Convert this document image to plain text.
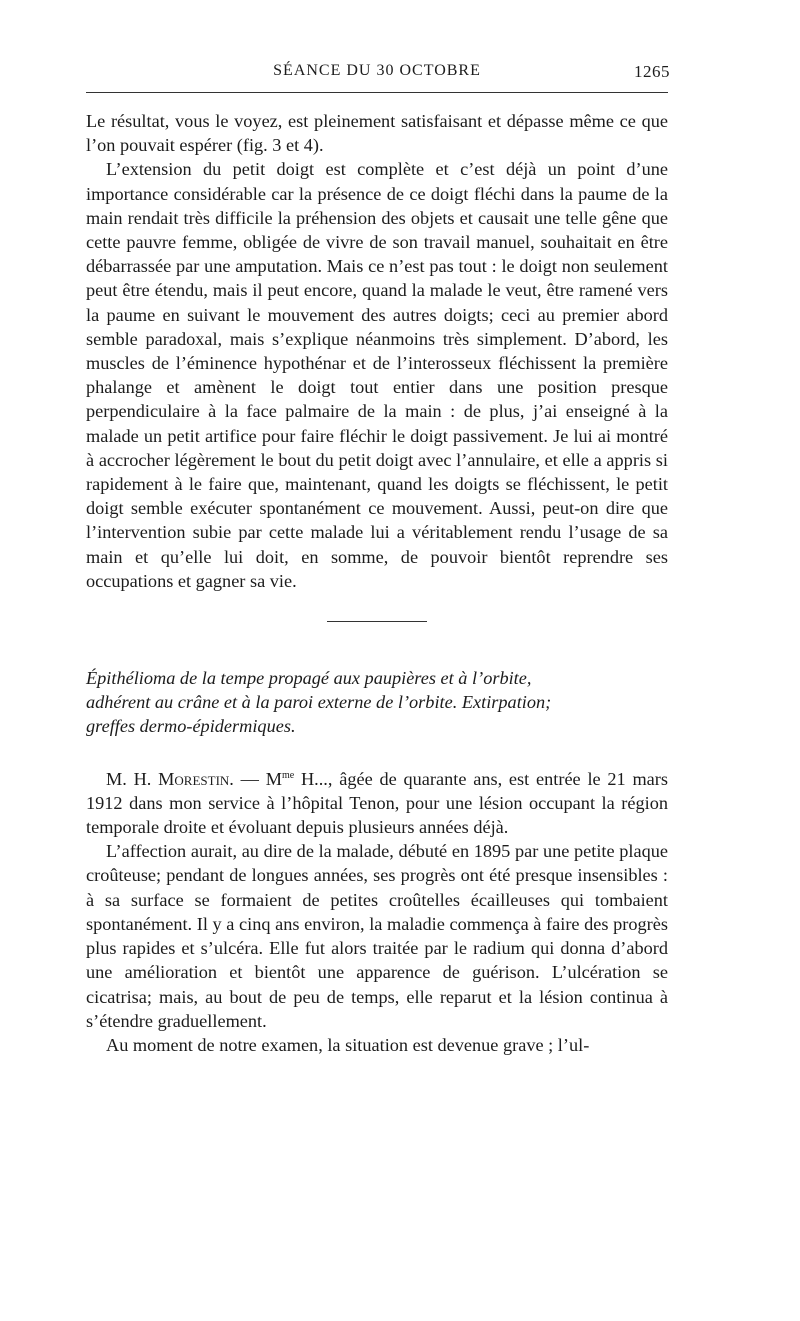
SÉANCE DU 30 OCTOBRE	1265

Le résultat, vous le voyez, est pleinement satisfaisant et dépasse même ce que l’on pouvait espérer (fig. 3 et 4).

L’extension du petit doigt est complète et c’est déjà un point d’une importance considérable car la présence de ce doigt fléchi dans la paume de la main rendait très difficile la préhension des objets et causait une telle gêne que cette pauvre femme, obligée de vivre de son travail manuel, souhaitait en être débarrassée par une amputation. Mais ce n’est pas tout : le doigt non seulement peut être étendu, mais il peut encore, quand la malade le veut, être ramené vers la paume en suivant le mouvement des autres doigts; ceci au premier abord semble paradoxal, mais s’explique néanmoins très simplement. D’abord, les muscles de l’éminence hypothénar et de l’interosseux fléchissent la première phalange et amènent le doigt tout entier dans une position presque perpendiculaire à la face palmaire de la main : de plus, j’ai enseigné à la malade un petit artifice pour faire fléchir le doigt passivement. Je lui ai montré à accrocher légèrement le bout du petit doigt avec l’annulaire, et elle a appris si rapidement à le faire que, maintenant, quand les doigts se fléchissent, le petit doigt semble exécuter spontanément ce mouvement. Aussi, peut-on dire que l’intervention subie par cette malade lui a véritablement rendu l’usage de sa main et qu’elle lui doit, en somme, de pouvoir bientôt reprendre ses occupations et gagner sa vie.

Épithélioma de la tempe propagé aux paupières et à l’orbite,
adhérent au crâne et à la paroi externe de l’orbite. Extirpation;
greffes dermo-épidermiques.

M. H. Morestin. — $M^{me}$ H..., âgée de quarante ans, est entrée le 21 mars 1912 dans mon service à l’hôpital Tenon, pour une lésion occupant la région temporale droite et évoluant depuis plusieurs années déjà.

L’affection aurait, au dire de la malade, débuté en 1895 par une petite plaque croûteuse; pendant de longues années, ses progrès ont été presque insensibles : à sa surface se formaient de petites croûtelles écailleuses qui tombaient spontanément. Il y a cinq ans environ, la maladie commença à faire des progrès plus rapides et s’ulcéra. Elle fut alors traitée par le radium qui donna d’abord une amélioration et bientôt une apparence de guérison. L’ulcération se cicatrisa; mais, au bout de peu de temps, elle reparut et la lésion continua à s’étendre graduellement.

Au moment de notre examen, la situation est devenue grave ; l’ul-
